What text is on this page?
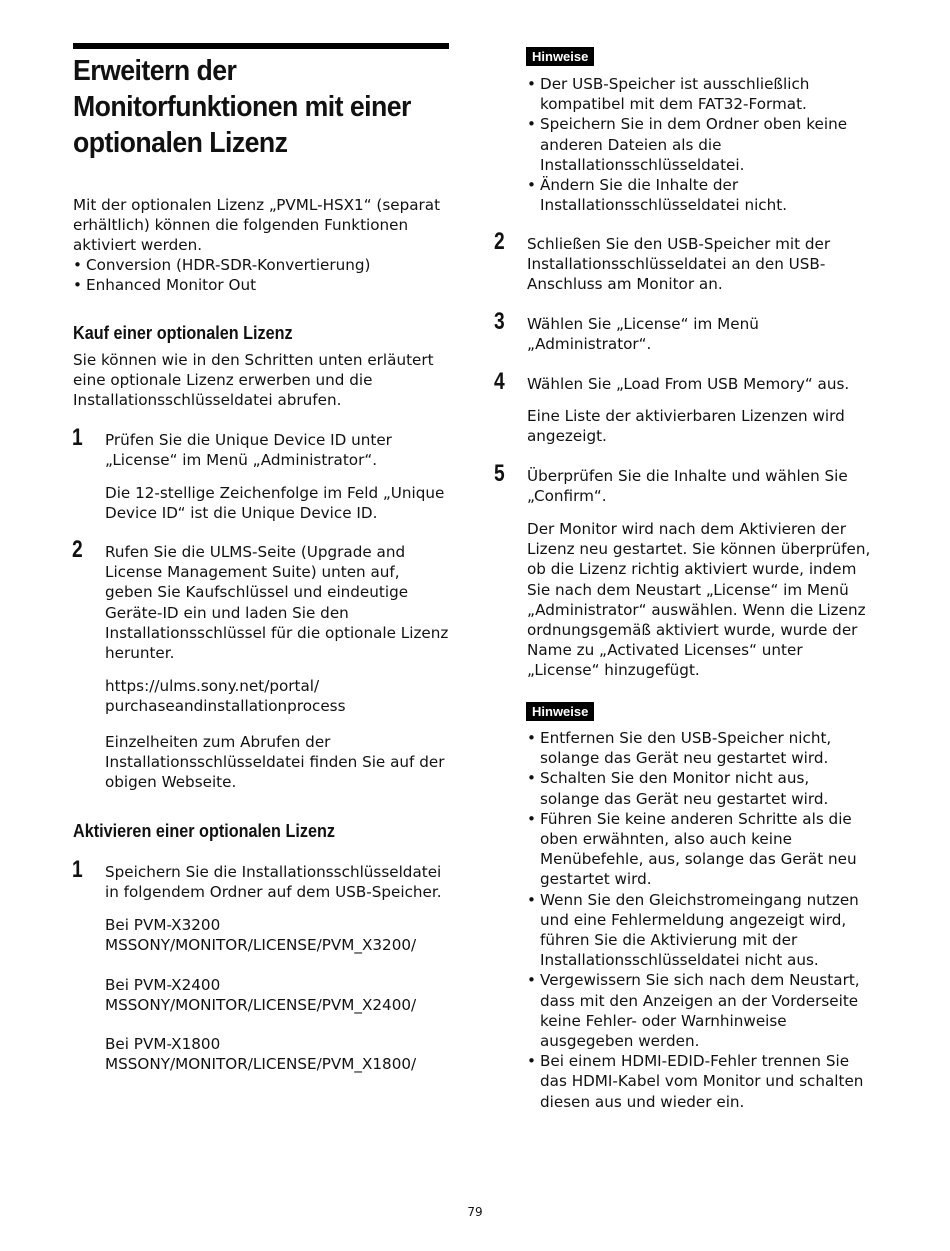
Erweitern der Monitorfunktionen mit einer optionalen Lizenz

Mit der optionalen Lizenz „PVML-HSX1“ (separat erhältlich) können die folgenden Funktionen aktiviert werden.

• Conversion (HDR-SDR-Konvertierung)
• Enhanced Monitor Out
Kauf einer optionalen Lizenz

Sie können wie in den Schritten unten erläutert eine optionale Lizenz erwerben und die Installationsschlüsseldatei abrufen.

1 Prüfen Sie die Unique Device ID unter „License“ im Menü „Administrator“.

Die 12-stellige Zeichenfolge im Feld „Unique Device ID“ ist die Unique Device ID.

2 Rufen Sie die ULMS-Seite (Upgrade and License Management Suite) unten auf, geben Sie Kaufschlüssel und eindeutige Geräte-ID ein und laden Sie den Installationsschlüssel für die optionale Lizenz herunter.

https://ulms.sony.net/portal/ purchaseandinstallationprocess

Einzelheiten zum Abrufen der Installationsschlüsseldatei finden Sie auf der obigen Webseite.

Aktivieren einer optionalen Lizenz
1 Speichern Sie die Installationsschlüsseldatei in folgendem Ordner auf dem USB-Speicher.

Bei PVM-X3200

MSSONY/MONITOR/LICENSE/PVM_X3200/

Bei PVM-X2400

MSSONY/MONITOR/LICENSE/PVM_X2400/

Bei PVM-X1800

MSSONY/MONITOR/LICENSE/PVM_X1800/

Hinweise
• Der USB-Speicher ist ausschließlich kompatibel mit dem FAT32-Format.
• Speichern Sie in dem Ordner oben keine anderen Dateien als die Installationsschlüsseldatei.
• Ändern Sie die Inhalte der Installationsschlüsseldatei nicht.
2 Schließen Sie den USB-Speicher mit der Installationsschlüsseldatei an den USB-Anschluss am Monitor an.

3 Wählen Sie „License“ im Menü „Administrator“.

4 Wählen Sie „Load From USB Memory“ aus.

Eine Liste der aktivierbaren Lizenzen wird angezeigt.

5 Überprüfen Sie die Inhalte und wählen Sie „Confirm“.

Der Monitor wird nach dem Aktivieren der Lizenz neu gestartet. Sie können überprüfen, ob die Lizenz richtig aktiviert wurde, indem Sie nach dem Neustart „License“ im Menü „Administrator“ auswählen. Wenn die Lizenz ordnungsgemäß aktiviert wurde, wurde der Name zu „Activated Licenses“ unter „License“ hinzugefügt.

Hinweise
• Entfernen Sie den USB-Speicher nicht, solange das Gerät neu gestartet wird.
• Schalten Sie den Monitor nicht aus, solange das Gerät neu gestartet wird.
• Führen Sie keine anderen Schritte als die oben erwähnten, also auch keine Menübefehle, aus, solange das Gerät neu gestartet wird.
• Wenn Sie den Gleichstromeingang nutzen und eine Fehlermeldung angezeigt wird, führen Sie die Aktivierung mit der Installationsschlüsseldatei nicht aus.
• Vergewissern Sie sich nach dem Neustart, dass mit den Anzeigen an der Vorderseite keine Fehler- oder Warnhinweise ausgegeben werden.
• Bei einem HDMI-EDID-Fehler trennen Sie das HDMI-Kabel vom Monitor und schalten diesen aus und wieder ein.
79
